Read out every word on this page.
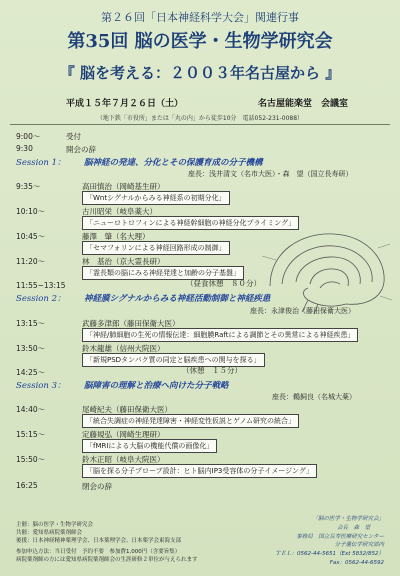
第２６回「日本神経科学大会」関連行事
第35回 脳の医学・生物学研究会
『 脳を考える：２００３年名古屋から 』
平成１５年７月２６日（土）	名古屋能楽堂　会議室
（地下鉄「市役所」または「丸の内」から徒歩10分　電話052-231-0088）
9:00～	受付
9:30	開会の辞
Session 1： 脳神経の発達、分化とその保護育成の分子機構
座長：浅井清文（名市大医）・森　望（国立長寿研）
9:35～	高田慎治（岡崎基生研）
「Wntシグナルからみる神経系の初期分化」
10:10～	古川昭栄（岐阜薬大）
「ニューロトロフィンによる神経幹細胞の神経分化プライミング」
10:45～	藤澤　肇（名大理）
「セマフォリンによる神経回路形成の制御」
11:20～	林　基治（京大霊長研）
「霊長類の脳にみる神経発達と加齢の分子基盤」
11:55~13:15	（昼食休憩　８０分）
Session 2： 神経膜シグナルからみる神経活動制御と神経疾患
座長：永津俊治（藤田保衛大医）
13:15～	武藤多津郎（藤田保衛大医）
「神経/肺細胞の生死の情報伝達：細胞膜Raftによる調節とその異常による神経疾患」
13:50～	鈴木龍雄（信州大院医）
「新規PSDタンパク質の同定と脳疾患への関与を探る」
14:25～	（休憩　１５分）
Session 3： 脳障害の理解と治療へ向けた分子戦略
座長：鵜飼良（名城大薬）
14:40～	尾崎紀夫（藤田保衛大医）
「統合失調症の神経発達障害・神経変性仮説とゲノム研究の統合」
15:15～	定藤規弘（岡崎生理研）
「fMRIによる大脳の機能代償の画像化」
15:50～	鈴木正昭（岐阜大院医）
「脳を探る分子プローブ設計：ヒト脳内IP3受容体の分子イメージング」
16:25	閉会の辞
主催：脳の医学・生物学研究会
共催：愛知県病院薬剤師会
後援：日本神経精神薬理学会、日本薬理学会、日本薬学会東海支部
参加申込方法：当日受付　予約不要　参加費1,000円（含要旨集）
病院薬剤師の方には愛知県病院薬剤師会の生涯研修２単位が与えられます
「脳の医学・生物学研究会」
会長　森　望
事務局　国立長寿医療研究センター
分子遺伝学研究部内
ＴＥＬ：0562-44-5651（Ext 5832/852）
Fax：0562-44-6592
